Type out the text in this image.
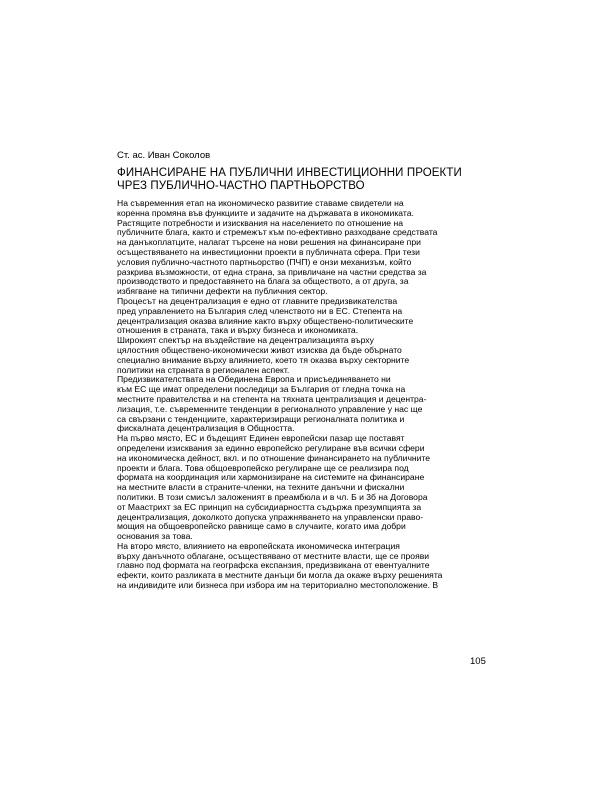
Ст. ас. Иван Соколов

ФИНАНСИРАНЕ НА ПУБЛИЧНИ ИНВЕСТИЦИОННИ ПРОЕКТИ
ЧРЕЗ ПУБЛИЧНО-ЧАСТНО ПАРТНЬОРСТВО
На съвременния етап на икономическо развитие ставаме свидетели на
коренна промяна във функциите и задачите на държавата в икономиката.
Растящите потребности и изисквания на населението по отношение на
публичните блага, както и стремежът към по-ефективно разходване средствата
на данъкоплатците, налагат търсене на нови решения на финансиране при
осъществяването на инвестиционни проекти в публичната сфера. При тези
условия публично-частното партньорство (ПЧП) е онзи механизъм, който
разкрива възможности, от една страна, за привличане на частни средства за
производството и предоставянето на блага за обществото, а от друга, за
избягване на типични дефекти на публичния сектор.
Процесът на децентрализация е едно от главните предизвикателства
пред управлението на България след членството ни в ЕС. Степента на
децентрализация оказва влияние както върху обществено-политическите
отношения в страната, така и върху бизнеса и икономиката.
Широкият спектър на въздействие на децентрализацията върху
цялостния обществено-икономически живот изисква да бъде обърнато
специално внимание върху влиянието, което тя оказва върху секторните
политики на страната в регионален аспект.
Предизвикателствата на Обединена Европа и присъединяването ни
към ЕС ще имат определени последици за България от гледна точка на
местните правителства и на степента на тяхната централизация и децентра-
лизация, т.е. съвременните тенденции в регионалното управление у нас ще
са свързани с тенденциите, характеризиращи регионалната политика и
фискалната децентрализация в Общността.
На първо място, ЕС и бъдещият Единен европейски пазар ще поставят
определени изисквания за единно европейско регулиране във всички сфери
на икономическа дейност, вкл. и по отношение финансирането на публичните
проекти и блага. Това общоевропейско регулиране ще се реализира под
формата на координация или хармонизиране на системите на финансиране
на местните власти в страните-членки, на техните данъчни и фискални
политики. В този смисъл заложеният в преамбюла и в чл. Б и 3б на Договора
от Маастрихт за ЕС принцип на субсидиарността съдържа презумпцията за
децентрализация, доколкото допуска упражняването на управленски право-
мощия на общоевропейско равнище само в случаите, когато има добри
основания за това.
На второ място, влиянието на европейската икономическа интеграция
върху данъчното облагане, осъществявано от местните власти, ще се прояви
главно под формата на географска експанзия, предизвикана от евентуалните
ефекти, които разликата в местните данъци би могла да окаже върху решенията
на индивидите или бизнеса при избора им на териториално местоположение. В

105
